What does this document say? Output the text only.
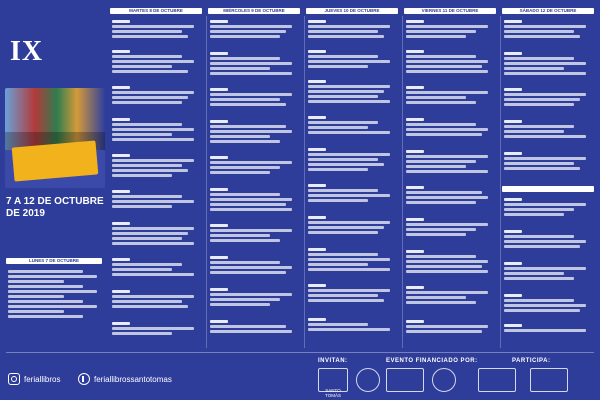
IX
7 A 12 DE OCTUBRE DE 2019
LUNES 7 DE OCTUBRE
MARTES 8 DE OCTUBRE	MIÉRCOLES 9 DE OCTUBRE	JUEVES 10 DE OCTUBRE	VIERNES 11 DE OCTUBRE	SÁBADO 12 DE OCTUBRE
feriallibros	feriallibrossantotomas
INVITAN:	EVENTO FINANCIADO POR:	PARTICIPA:
SANTO TOMÁS
